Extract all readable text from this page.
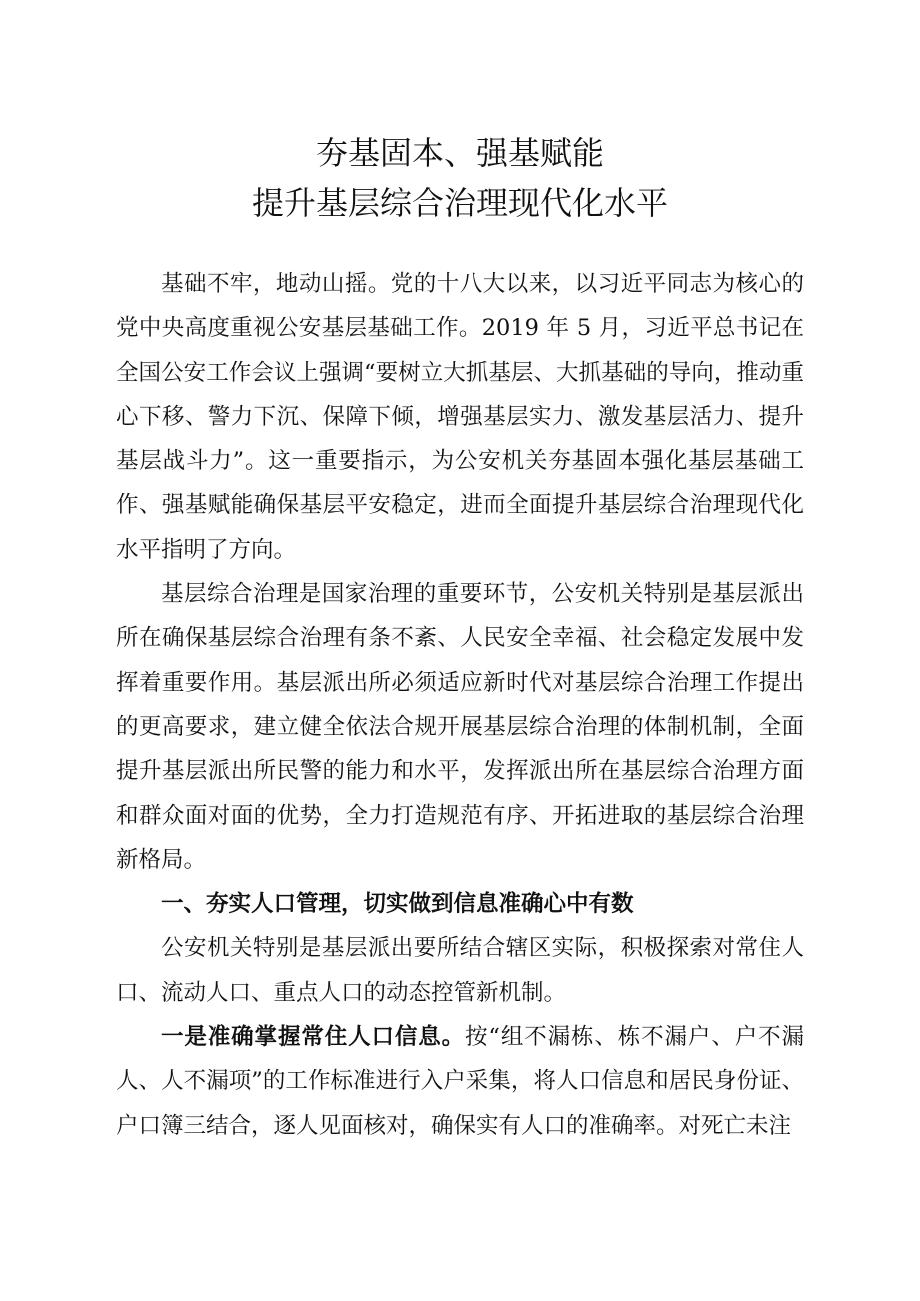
夯基固本、强基赋能
提升基层综合治理现代化水平

基础不牢，地动山摇。党的十八大以来，以习近平同志为核心的党中央高度重视公安基层基础工作。2019 年 5 月，习近平总书记在全国公安工作会议上强调“要树立大抓基层、大抓基础的导向，推动重心下移、警力下沉、保障下倾，增强基层实力、激发基层活力、提升基层战斗力”。这一重要指示，为公安机关夯基固本强化基层基础工作、强基赋能确保基层平安稳定，进而全面提升基层综合治理现代化水平指明了方向。

基层综合治理是国家治理的重要环节，公安机关特别是基层派出所在确保基层综合治理有条不紊、人民安全幸福、社会稳定发展中发挥着重要作用。基层派出所必须适应新时代对基层综合治理工作提出的更高要求，建立健全依法合规开展基层综合治理的体制机制，全面提升基层派出所民警的能力和水平，发挥派出所在基层综合治理方面和群众面对面的优势，全力打造规范有序、开拓进取的基层综合治理新格局。

一、夯实人口管理，切实做到信息准确心中有数

公安机关特别是基层派出要所结合辖区实际，积极探索对常住人口、流动人口、重点人口的动态控管新机制。

一是准确掌握常住人口信息。按“组不漏栋、栋不漏户、户不漏人、人不漏项”的工作标准进行入户采集，将人口信息和居民身份证、户口簿三结合，逐人见面核对，确保实有人口的准确率。对死亡未注
